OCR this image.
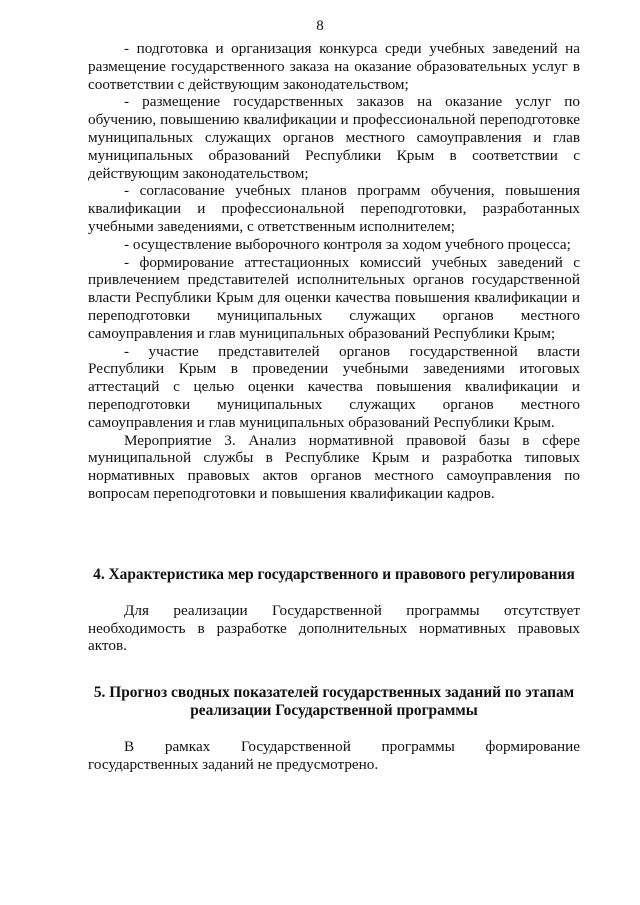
8

- подготовка и организация конкурса среди учебных заведений на размещение государственного заказа на оказание образовательных услуг в соответствии с действующим законодательством;

- размещение государственных заказов на оказание услуг по обучению, повышению квалификации и профессиональной переподготовке муниципальных служащих органов местного самоуправления и глав муниципальных образований Республики Крым в соответствии с действующим законодательством;

- согласование учебных планов программ обучения, повышения квалификации и профессиональной переподготовки, разработанных учебными заведениями, с ответственным исполнителем;

- осуществление выборочного контроля за ходом учебного процесса;

- формирование аттестационных комиссий учебных заведений с привлечением представителей исполнительных органов государственной власти Республики Крым для оценки качества повышения квалификации и переподготовки муниципальных служащих органов местного самоуправления и глав муниципальных образований Республики Крым;

- участие представителей органов государственной власти Республики Крым в проведении учебными заведениями итоговых аттестаций с целью оценки качества повышения квалификации и переподготовки муниципальных служащих органов местного самоуправления и глав муниципальных образований Республики Крым.

Мероприятие 3. Анализ нормативной правовой базы в сфере муниципальной службы в Республике Крым и разработка типовых нормативных правовых актов органов местного самоуправления по вопросам переподготовки и повышения квалификации кадров.

4. Характеристика мер государственного и правового регулирования

Для реализации Государственной программы отсутствует необходимость в разработке дополнительных нормативных правовых актов.

5. Прогноз сводных показателей государственных заданий по этапам реализации Государственной программы

В рамках Государственной программы формирование государственных заданий не предусмотрено.
